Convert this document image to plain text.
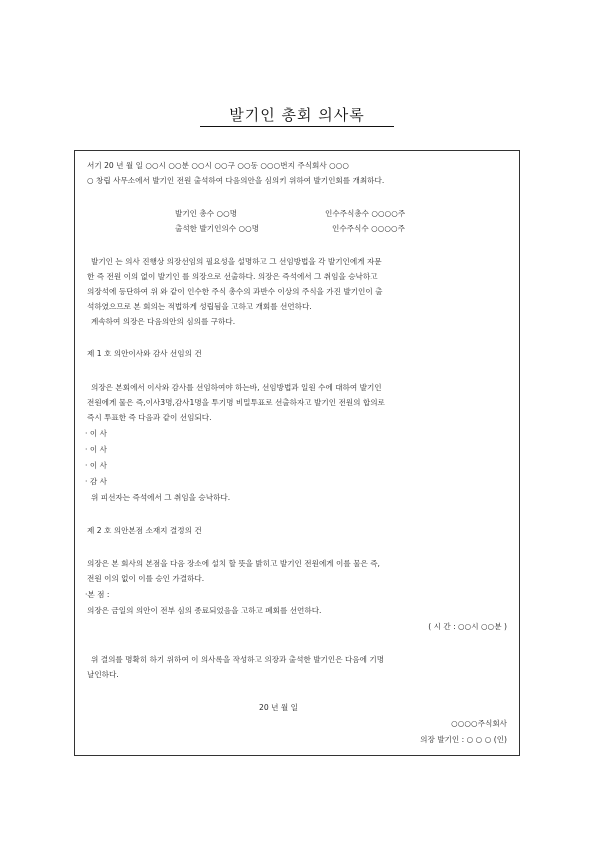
발기인 총회 의사록
서기 20 년 월 일 ○○시 ○○분 ○○시 ○○구 ○○동 ○○○번지 주식회사 ○○○
○ 창립 사무소에서 발기인 전원 출석하여 다음의안을 심의키 위하여 발기인회를 개최하다.
발기인 총수 ○○명	인수주식총수 ○○○○주
출석한 발기인의수 ○○명	인수주식수 ○○○○주
발기인 는 의사 진행상 의장선임의 필요성을 설명하고 그 선임방법을 각 발기인에게 자문
한 즉 전원 이의 없이 발기인 를 의장으로 선출하다. 의장은 즉석에서 그 취임을 승낙하고
의장석에 등단하여 위 와 같이 인수한 주식 총수의 과반수 이상의 주식을 가진 발기인이 출
석하였으므로 본 회의는 적법하게 성립됨을 고하고 개회를 선언하다.
계속하여 의장은 다음의안의 심의를 구하다.
제 1 호 의안이사와 감사 선임의 건
의장은 본회에서 이사와 감사를 선임하여야 하는바, 선임방법과 일원 수에 대하여 발기인
전원에게 물은 즉,이사3명,감사1명을 투기명 비밀투표로 선출하자고 발기인 전원의 합의로
즉시 투표한 즉 다음과 같이 선임되다.
· 이 사
· 이 사
· 이 사
· 감 사
위 피선자는 즉석에서 그 취임을 승낙하다.
제 2 호 의안본점 소재지 결정의 건
의장은 본 회사의 본점을 다음 장소에 설치 할 뜻을 밝히고 발기인 전원에게 이를 물은 즉,
전원 이의 없이 이를 승인 가결하다.
·본 점 :
의장은 금일의 의안이 전부 심의 종료되었음을 고하고 폐회를 선언하다.
( 시 간 : ○○시 ○○분 )
위 결의를 명확히 하기 위하여 이 의사록을 작성하고 의장과 출석한 발기인은 다음에 기명
날인하다.
20 년 월 일
○○○○주식회사
의장 발기인 : ○ ○ ○ (인)
